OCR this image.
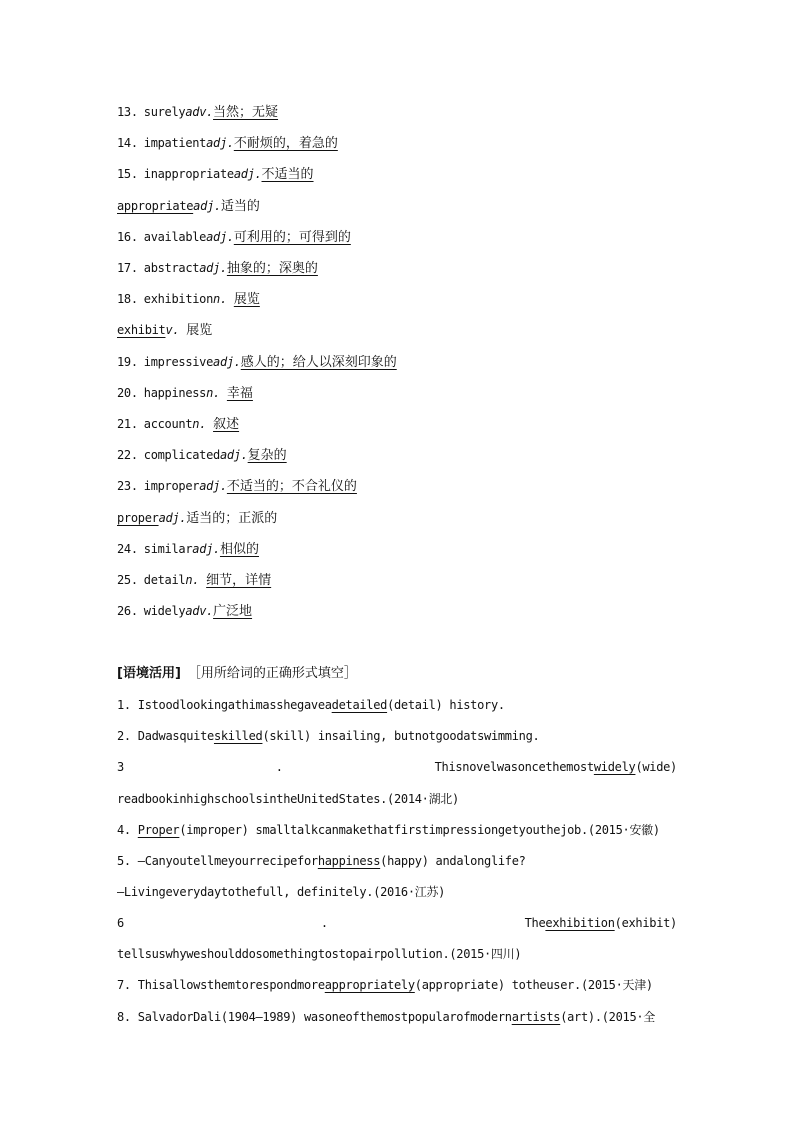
13. surelyadv.当然；无疑
14. impatientadj.不耐烦的，着急的
15. inappropriateadj.不适当的
appropriateadj.适当的
16. availableadj.可利用的；可得到的
17. abstractadj.抽象的；深奥的
18. exhibitionn. 展览
exhibitv. 展览
19. impressiveadj.感人的；给人以深刻印象的
20. happinessn. 幸福
21. accountn. 叙述
22. complicatedadj.复杂的
23. improperadj.不适当的；不合礼仪的
properadj.适当的；正派的
24. similaradj.相似的
25. detailn. 细节，详情
26. widelyadv.广泛地
[语境活用] ［用所给词的正确形式填空］
1. Istoodlookingathimasshegaveadetailed(detail) history.
2. Dadwasquiteskilled(skill) insailing, butnotgoodatswimming.
3	.	Thisnovelwasoncethemostwidely(wide)
readbookinhighschoolsintheUnitedStates.(2014·湖北)
4. Proper(improper) smalltalkcanmakethatfirstimpressiongetyouthejob.(2015·安徽)
5. —Canyoutellmeyourrecipeforhappiness(happy) andalonglife?
—Livingeverydaytothefull, definitely.(2016·江苏)
6	.	Theexhibition(exhibit)
tellsuswhyweshoulddosomethingtostopairpollution.(2015·四川)
7. Thisallowsthemtorespondmoreappropriately(appropriate) totheuser.(2015·天津)
8. SalvadorDali(1904—1989) wasoneofthemostpopularofmodernartists(art).(2015·全
